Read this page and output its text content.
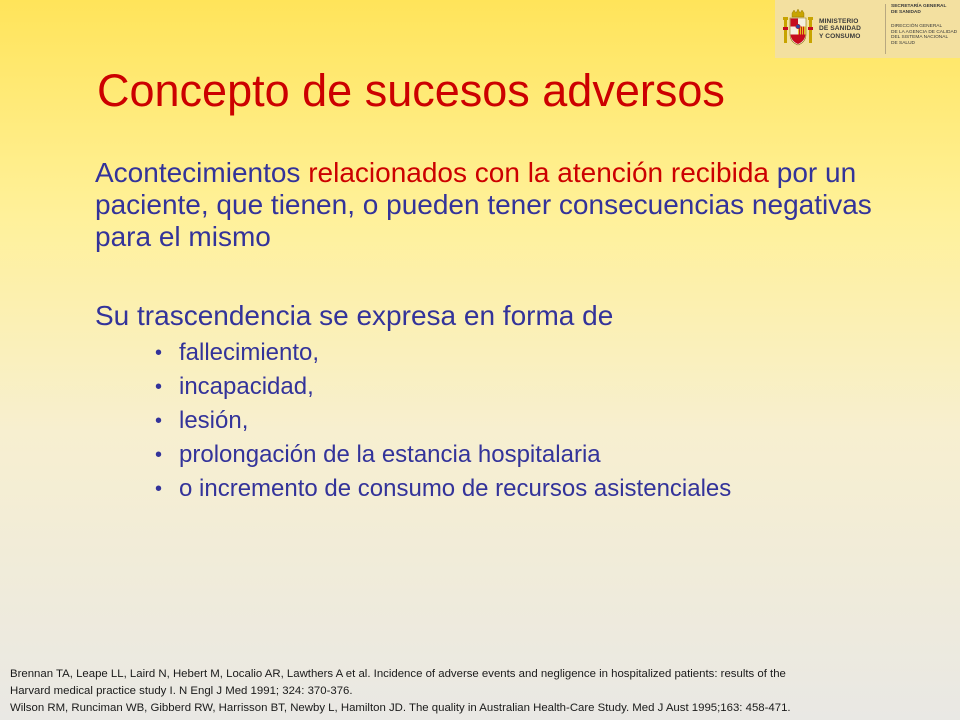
MINISTERIO
DE SANIDAD
Y CONSUMO
SECRETARÍA GENERAL
DE SANIDAD
DIRECCIÓN GENERAL
DE LA AGENCIA DE CALIDAD
DEL SISTEMA NACIONAL
DE SALUD
Concepto de sucesos adversos

Acontecimientos relacionados con la atención recibida por un paciente, que tienen, o pueden tener consecuencias negativas para el mismo

Su trascendencia se expresa en forma de

• fallecimiento,
• incapacidad,
• lesión,
• prolongación de la estancia hospitalaria
• o incremento de consumo de recursos asistenciales
Brennan TA, Leape LL, Laird N, Hebert M, Localio AR, Lawthers A et al. Incidence of adverse events and negligence in hospitalized patients: results of the
Harvard medical practice study I. N Engl J Med 1991; 324: 370-376.
Wilson RM, Runciman WB, Gibberd RW, Harrisson BT, Newby L, Hamilton JD. The quality in Australian Health-Care Study. Med J Aust 1995;163: 458-471.
